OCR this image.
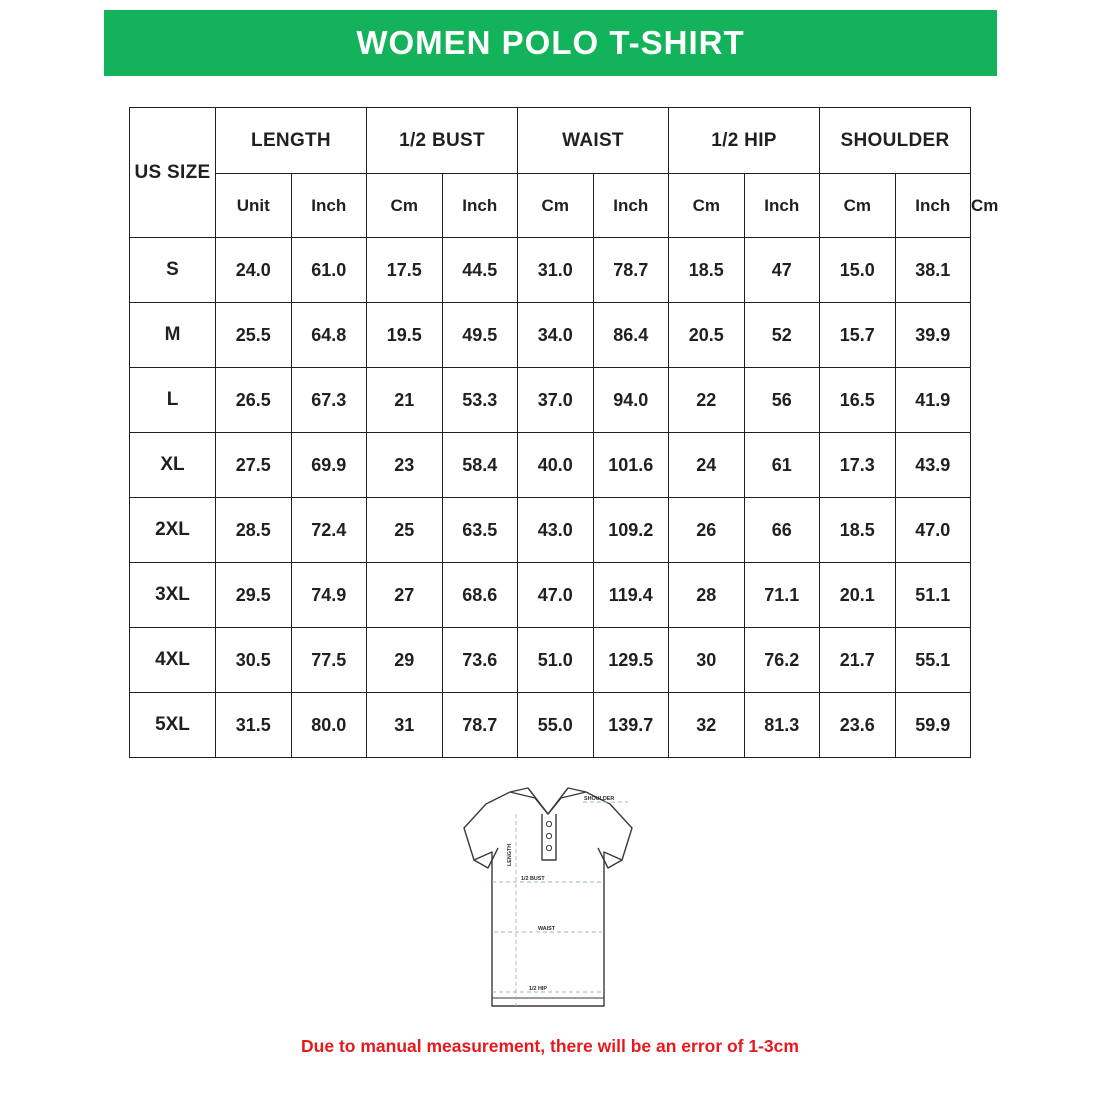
WOMEN POLO T-SHIRT
US SIZE	LENGTH		1/2 BUST		WAIST		1/2 HIP		SHOULDER		
	Unit	Inch	Cm	Inch	Cm	Inch	Cm	Inch	Cm	Inch	Cm
S	24.0	61.0	17.5	44.5	31.0	78.7	18.5	47	15.0	38.1	
M	25.5	64.8	19.5	49.5	34.0	86.4	20.5	52	15.7	39.9	
L	26.5	67.3	21	53.3	37.0	94.0	22	56	16.5	41.9	
XL	27.5	69.9	23	58.4	40.0	101.6	24	61	17.3	43.9	
2XL	28.5	72.4	25	63.5	43.0	109.2	26	66	18.5	47.0	
3XL	29.5	74.9	27	68.6	47.0	119.4	28	71.1	20.1	51.1	
4XL	30.5	77.5	29	73.6	51.0	129.5	30	76.2	21.7	55.1	
5XL	31.5	80.0	31	78.7	55.0	139.7	32	81.3	23.6	59.9	
SHOULDER
LENGTH
1/2 BUST
WAIST
1/2 HIP
Due to manual measurement, there will be an error of 1-3cm
